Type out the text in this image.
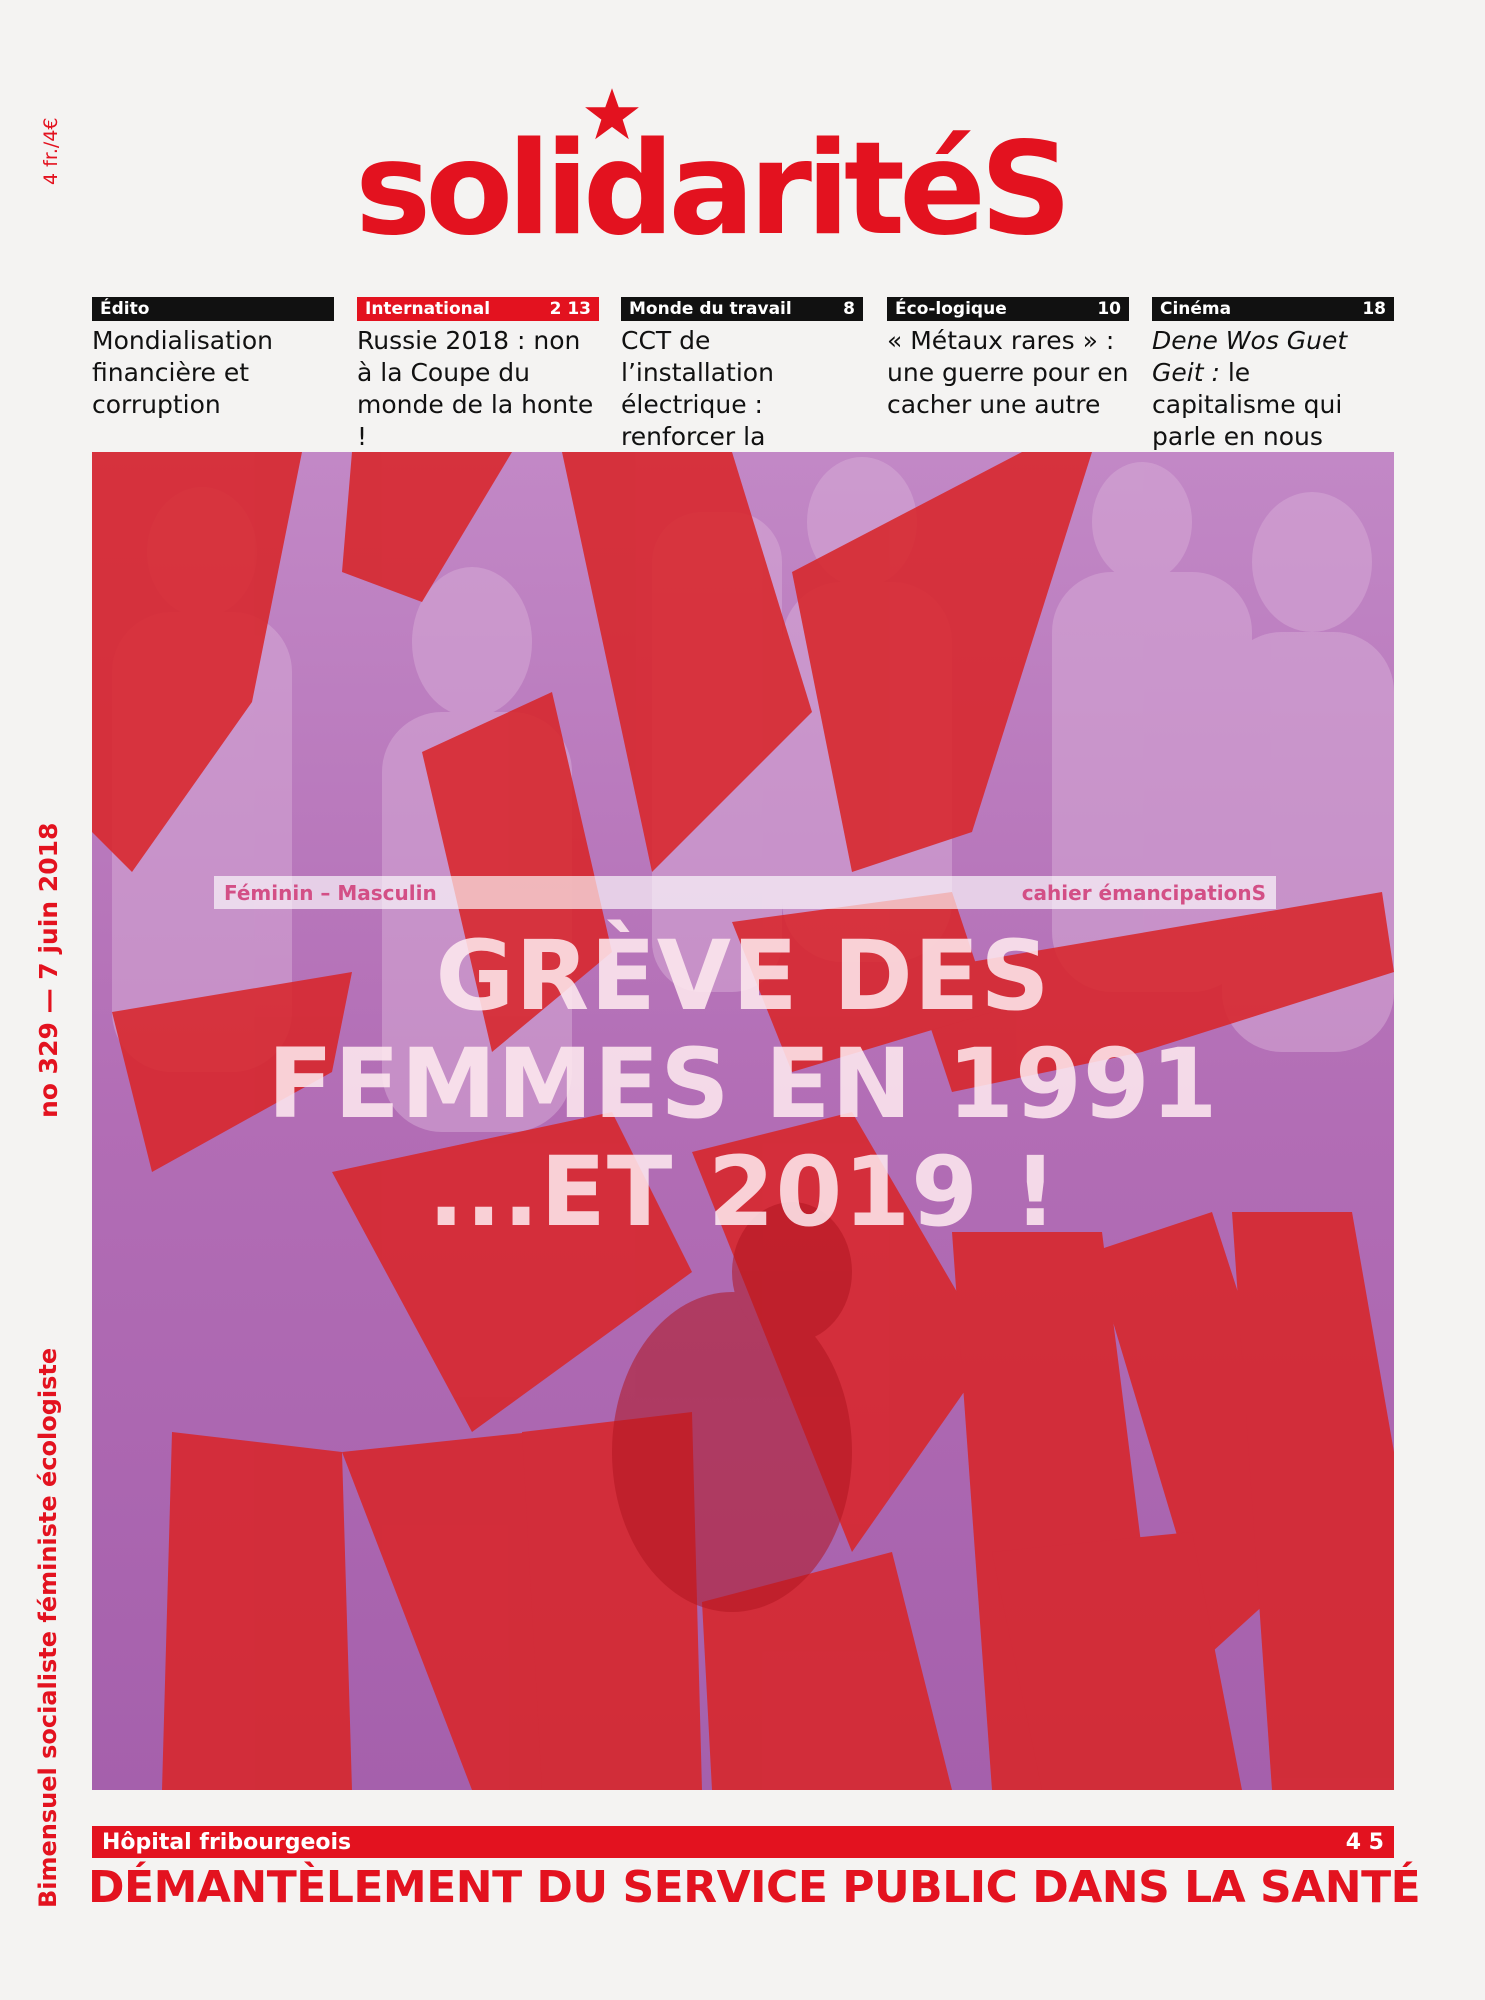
4 fr./4€
no 329 — 7 juin 2018
Bimensuel socialiste féministe écologiste
solidaritéS
Édito
Mondialisation financière et corruption
International	2 13
Russie 2018 : non à la Coupe du monde de la honte !
Monde du travail	8
CCT de l’installation électrique : renforcer la
Éco-logique	10
« Métaux rares » : une guerre pour en cacher une autre
Cinéma	18
Dene Wos Guet Geit : le capitalisme qui parle en nous
Féminin – Masculin	cahier émancipationS
GRÈVE DES
FEMMES EN 1991
...ET 2019 !
Hôpital fribourgeois	4 5
DÉMANTÈLEMENT DU SERVICE PUBLIC DANS LA SANTÉ
